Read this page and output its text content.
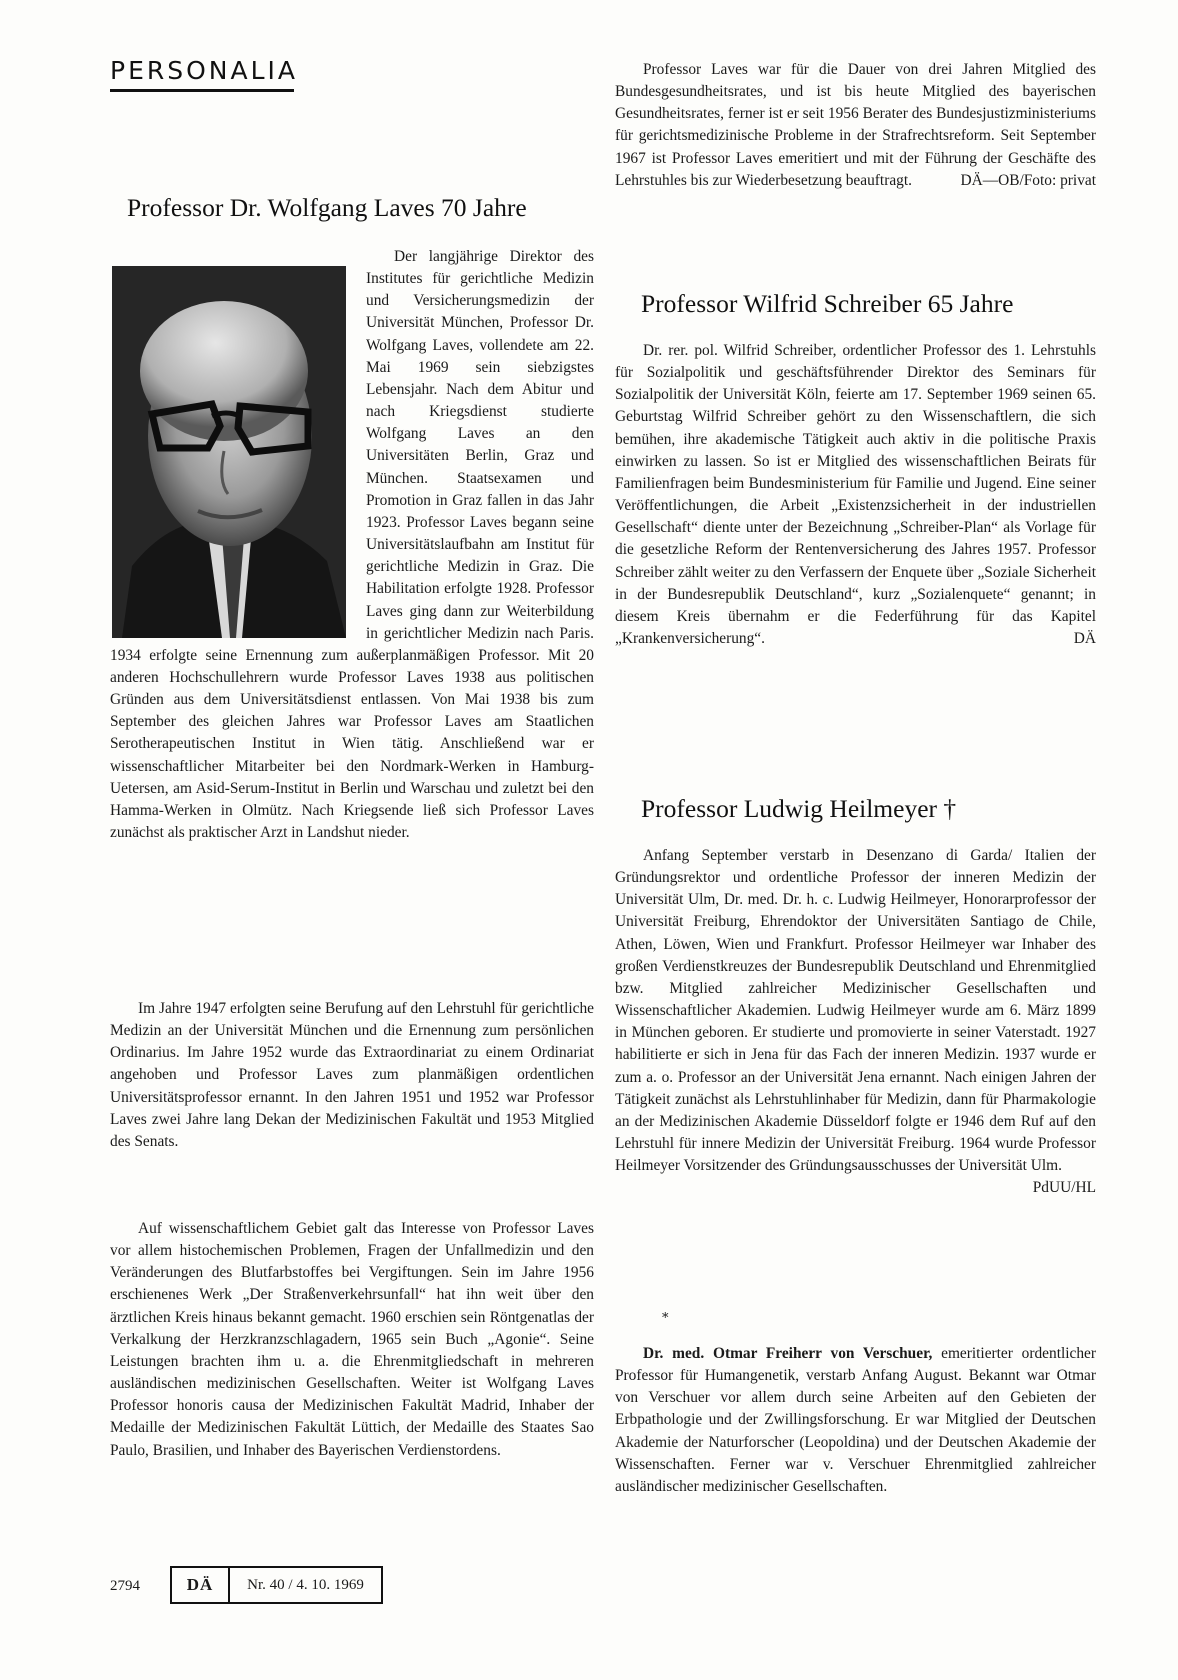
PERSONALIA
Professor Dr. Wolfgang Laves 70 Jahre

Der langjährige Direktor des Institutes für gerichtliche Medizin und Versicherungsmedizin der Universität München, Professor Dr. Wolfgang Laves, vollendete am 22. Mai 1969 sein siebzigstes Lebensjahr. Nach dem Abitur und nach Kriegsdienst studierte Wolfgang Laves an den Universitäten Berlin, Graz und München. Staatsexamen und Promotion in Graz fallen in das Jahr 1923. Professor Laves begann seine Universitätslaufbahn am Institut für gerichtliche Medizin in Graz. Die Habilitation erfolgte 1928. Professor Laves ging dann zur Weiterbildung in gerichtlicher Medizin nach Paris. 1934 erfolgte seine Ernennung zum außerplanmäßigen Professor. Mit 20 anderen Hochschullehrern wurde Professor Laves 1938 aus politischen Gründen aus dem Universitätsdienst entlassen. Von Mai 1938 bis zum September des gleichen Jahres war Professor Laves am Staatlichen Serotherapeutischen Institut in Wien tätig. Anschließend war er wissenschaftlicher Mitarbeiter bei den Nordmark-Werken in Hamburg-Uetersen, am Asid-Serum-Institut in Berlin und Warschau und zuletzt bei den Hamma-Werken in Olmütz. Nach Kriegsende ließ sich Professor Laves zunächst als praktischer Arzt in Landshut nieder.

Im Jahre 1947 erfolgten seine Berufung auf den Lehrstuhl für gerichtliche Medizin an der Universität München und die Ernennung zum persönlichen Ordinarius. Im Jahre 1952 wurde das Extraordinariat zu einem Ordinariat angehoben und Professor Laves zum planmäßigen ordentlichen Universitätsprofessor ernannt. In den Jahren 1951 und 1952 war Professor Laves zwei Jahre lang Dekan der Medizinischen Fakultät und 1953 Mitglied des Senats.

Auf wissenschaftlichem Gebiet galt das Interesse von Professor Laves vor allem histochemischen Problemen, Fragen der Unfallmedizin und den Veränderungen des Blutfarbstoffes bei Vergiftungen. Sein im Jahre 1956 erschienenes Werk „Der Straßenverkehrsunfall“ hat ihn weit über den ärztlichen Kreis hinaus bekannt gemacht. 1960 erschien sein Röntgenatlas der Verkalkung der Herzkranzschlagadern, 1965 sein Buch „Agonie“. Seine Leistungen brachten ihm u. a. die Ehrenmitgliedschaft in mehreren ausländischen medizinischen Gesellschaften. Weiter ist Wolfgang Laves Professor honoris causa der Medizinischen Fakultät Madrid, Inhaber der Medaille der Medizinischen Fakultät Lüttich, der Medaille des Staates Sao Paulo, Brasilien, und Inhaber des Bayerischen Verdienstordens.

Professor Laves war für die Dauer von drei Jahren Mitglied des Bundesgesundheitsrates, und ist bis heute Mitglied des bayerischen Gesundheitsrates, ferner ist er seit 1956 Berater des Bundesjustizministeriums für gerichtsmedizinische Probleme in der Strafrechtsreform. Seit September 1967 ist Professor Laves emeritiert und mit der Führung der Geschäfte des Lehrstuhles bis zur Wiederbesetzung beauftragt.	DÄ—OB/Foto: privat

Professor Wilfrid Schreiber 65 Jahre

Dr. rer. pol. Wilfrid Schreiber, ordentlicher Professor des 1. Lehrstuhls für Sozialpolitik und geschäftsführender Direktor des Seminars für Sozialpolitik der Universität Köln, feierte am 17. September 1969 seinen 65. Geburtstag Wilfrid Schreiber gehört zu den Wissenschaftlern, die sich bemühen, ihre akademische Tätigkeit auch aktiv in die politische Praxis einwirken zu lassen. So ist er Mitglied des wissenschaftlichen Beirats für Familienfragen beim Bundesministerium für Familie und Jugend. Eine seiner Veröffentlichungen, die Arbeit „Existenzsicherheit in der industriellen Gesellschaft“ diente unter der Bezeichnung „Schreiber-Plan“ als Vorlage für die gesetzliche Reform der Rentenversicherung des Jahres 1957. Professor Schreiber zählt weiter zu den Verfassern der Enquete über „Soziale Sicherheit in der Bundesrepublik Deutschland“, kurz „Sozialenquete“ genannt; in diesem Kreis übernahm er die Federführung für das Kapitel „Krankenversicherung“.	DÄ

Professor Ludwig Heilmeyer †

Anfang September verstarb in Desenzano di Garda/ Italien der Gründungsrektor und ordentliche Professor der inneren Medizin der Universität Ulm, Dr. med. Dr. h. c. Ludwig Heilmeyer, Honorarprofessor der Universität Freiburg, Ehrendoktor der Universitäten Santiago de Chile, Athen, Löwen, Wien und Frankfurt. Professor Heilmeyer war Inhaber des großen Verdienstkreuzes der Bundesrepublik Deutschland und Ehrenmitglied bzw. Mitglied zahlreicher Medizinischer Gesellschaften und Wissenschaftlicher Akademien. Ludwig Heilmeyer wurde am 6. März 1899 in München geboren. Er studierte und promovierte in seiner Vaterstadt. 1927 habilitierte er sich in Jena für das Fach der inneren Medizin. 1937 wurde er zum a. o. Professor an der Universität Jena ernannt. Nach einigen Jahren der Tätigkeit zunächst als Lehrstuhlinhaber für Medizin, dann für Pharmakologie an der Medizinischen Akademie Düsseldorf folgte er 1946 dem Ruf auf den Lehrstuhl für innere Medizin der Universität Freiburg. 1964 wurde Professor Heilmeyer Vorsitzender des Gründungsausschusses der Universität Ulm.
PdUU/HL

*

Dr. med. Otmar Freiherr von Verschuer, emeritierter ordentlicher Professor für Humangenetik, verstarb Anfang August. Bekannt war Otmar von Verschuer vor allem durch seine Arbeiten auf den Gebieten der Erbpathologie und der Zwillingsforschung. Er war Mitglied der Deutschen Akademie der Naturforscher (Leopoldina) und der Deutschen Akademie der Wissenschaften. Ferner war v. Verschuer Ehrenmitglied zahlreicher ausländischer medizinischer Gesellschaften.

2794	DÄ	Nr. 40 / 4. 10. 1969
